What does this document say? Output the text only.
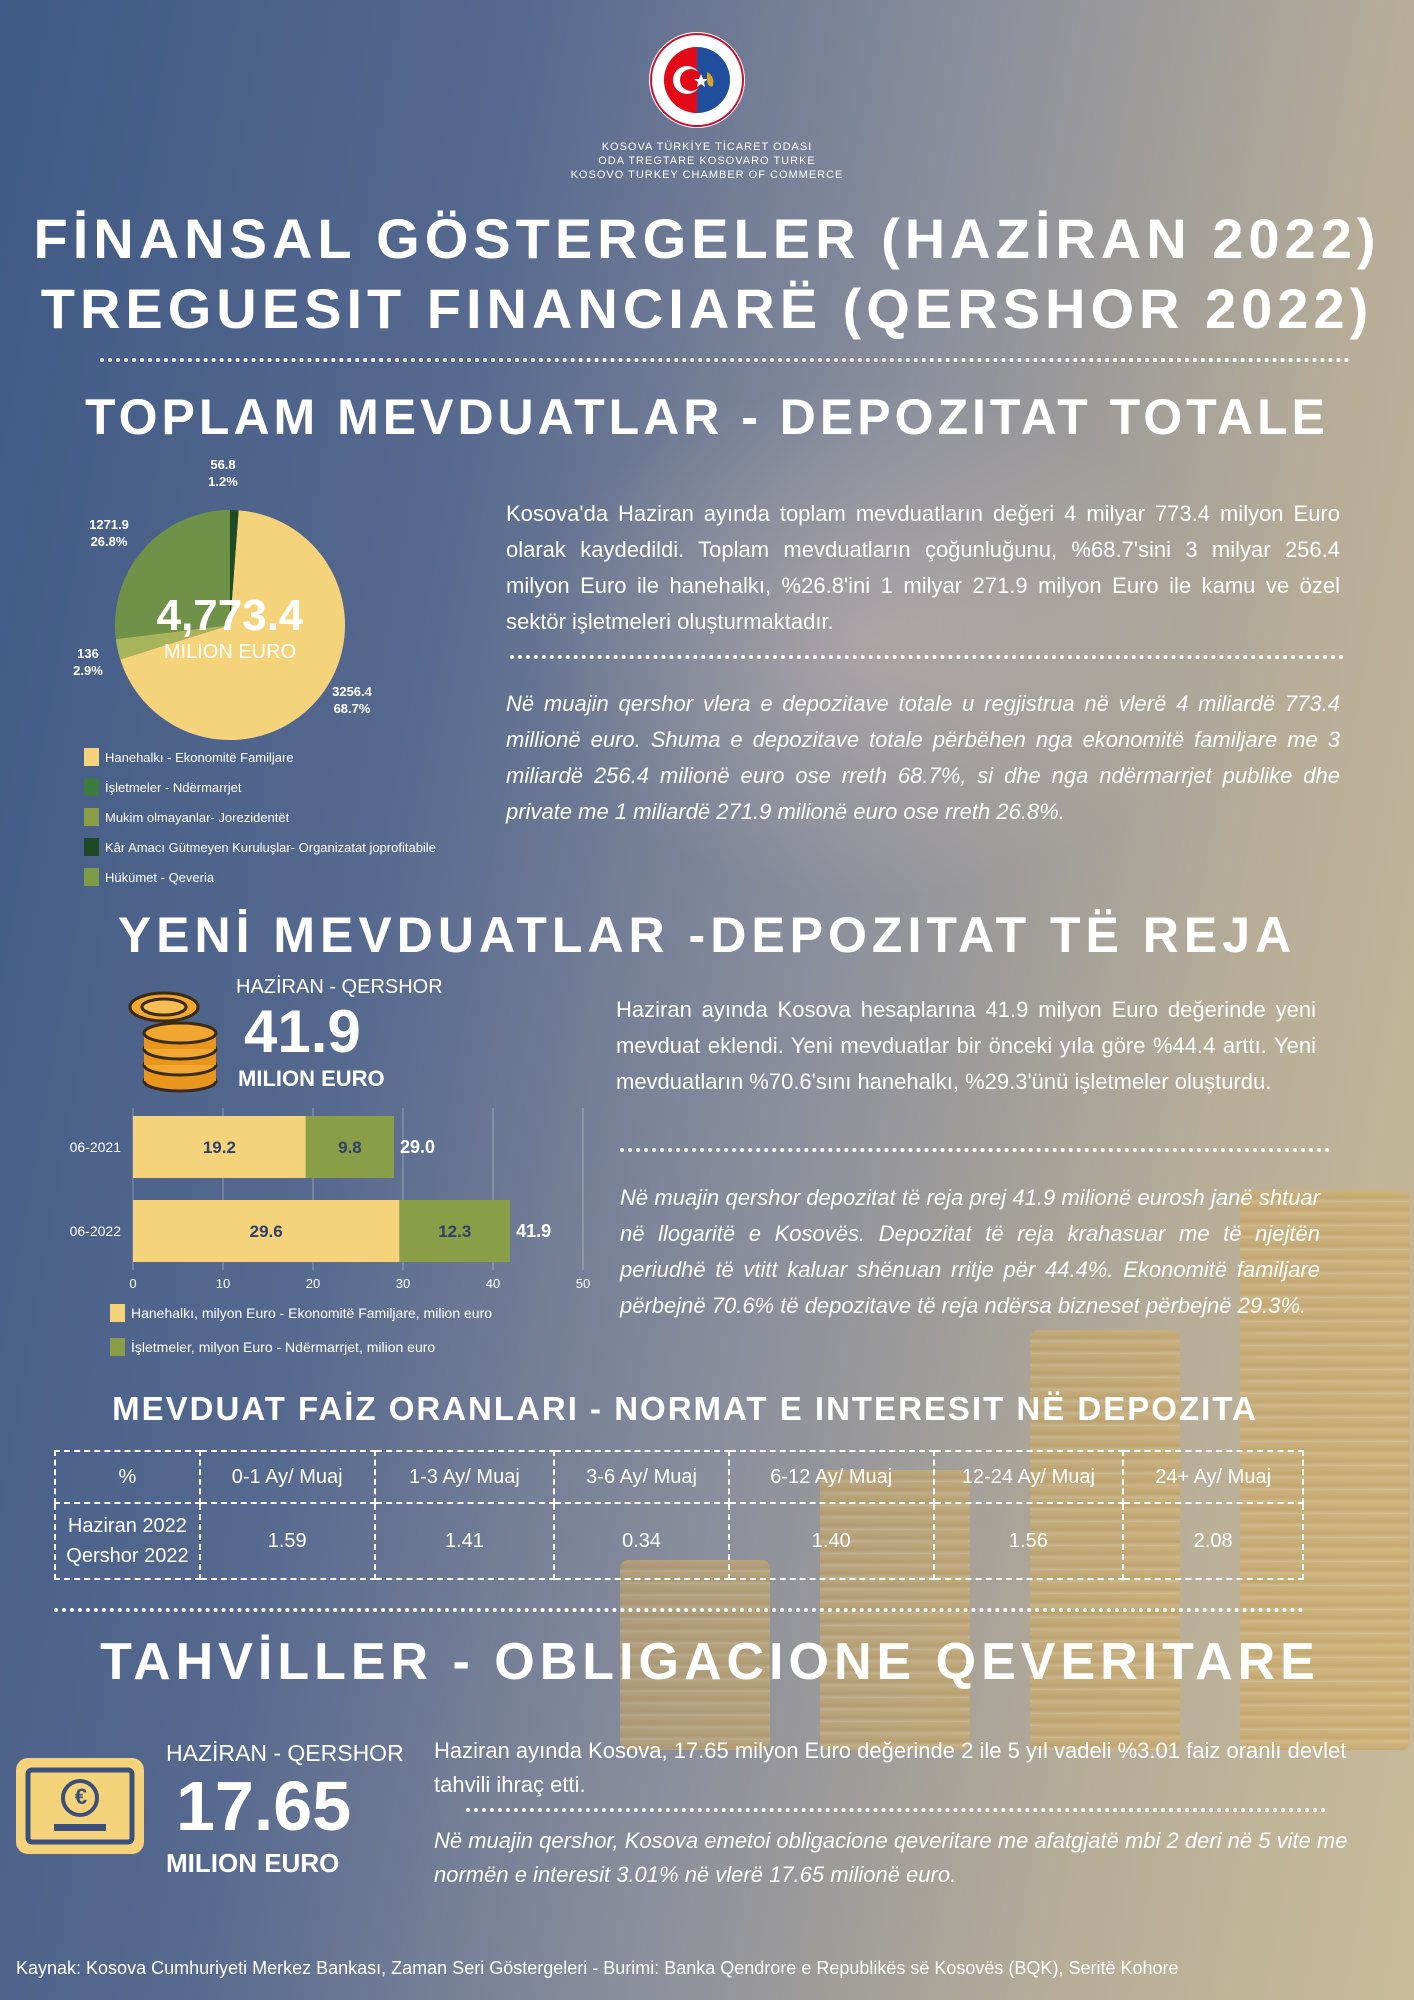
KOSOVA TÜRKİYE TİCARET ODASI
ODA TREGTARE KOSOVARO TURKE
KOSOVO TURKEY CHAMBER OF COMMERCE
FİNANSAL GÖSTERGELER (HAZİRAN 2022)
TREGUESIT FINANCIARË (QERSHOR 2022)
TOPLAM MEVDUATLAR - DEPOZITAT TOTALE
4,773.4
MILION EURO
3256.4
68.7%
136
2.9%
1271.9
26.8%
56.8
1.2%
Hanehalkı - Ekonomitë Familjare
İşletmeler - Ndërmarrjet
Mukim olmayanlar- Jorezidentët
Kâr Amacı Gütmeyen Kuruluşlar- Organizatat joprofitabile
Hükümet - Qeveria
Kosova'da Haziran ayında toplam mevduatların değeri 4 milyar 773.4 milyon Euro olarak kaydedildi. Toplam mevduatların çoğunluğunu, %68.7'sini 3 milyar 256.4 milyon Euro ile hanehalkı, %26.8'ini 1 milyar 271.9 milyon Euro ile kamu ve özel sektör işletmeleri oluşturmaktadır.
Në muajin qershor vlera e depozitave totale u regjistrua në vlerë 4 miliardë 773.4 millionë euro. Shuma e depozitave totale përbëhen nga ekonomitë familjare me 3 miliardë 256.4 milionë euro ose rreth 68.7%, si dhe nga ndërmarrjet publike dhe private me 1 miliardë 271.9 milionë euro ose rreth 26.8%.
YENİ MEVDUATLAR -DEPOZITAT TË REJA
HAZİRAN - QERSHOR
41.9
MILION EURO
0	10	20	30	40	50
06-2021	19.2	9.8 29.0
06-2022	29.6	12.3 41.9
Hanehalkı, milyon Euro - Ekonomitë Familjare, milion euro
İşletmeler, milyon Euro - Ndërmarrjet, milion euro
Haziran ayında Kosova hesaplarına 41.9 milyon Euro değerinde yeni mevduat eklendi. Yeni mevduatlar bir önceki yıla göre %44.4 arttı. Yeni mevduatların %70.6'sını hanehalkı, %29.3'ünü işletmeler oluşturdu.
Në muajin qershor depozitat të reja prej 41.9 milionë eurosh janë shtuar në llogaritë e Kosovës. Depozitat të reja krahasuar me të njejtën periudhë të vtitt kaluar shënuan rritje për 44.4%. Ekonomitë familjare përbejnë 70.6% të depozitave të reja ndërsa bizneset përbejnë 29.3%.
MEVDUAT FAİZ ORANLARI - NORMAT E INTERESIT NË DEPOZITA
%	0-1 Ay/ Muaj	1-3 Ay/ Muaj	3-6 Ay/ Muaj	6-12 Ay/ Muaj	12-24 Ay/ Muaj	24+ Ay/ Muaj

Haziran 2022
Qershor 2022	1.59	1.41	0.34	1.40	1.56	2.08
TAHVİLLER - OBLIGACIONE QEVERITARE
€
HAZİRAN - QERSHOR
17.65
MILION EURO
Haziran ayında Kosova, 17.65 milyon Euro değerinde 2 ile 5 yıl vadeli %3.01 faiz oranlı devlet tahvili ihraç etti.
Në muajin qershor, Kosova emetoi obligacione qeveritare me afatgjatë mbi 2 deri në 5 vite me normën e interesit 3.01% në vlerë 17.65 milionë euro.
Kaynak: Kosova Cumhuriyeti Merkez Bankası, Zaman Seri Göstergeleri - Burimi: Banka Qendrore e Republikës së Kosovës (BQK), Seritë Kohore
